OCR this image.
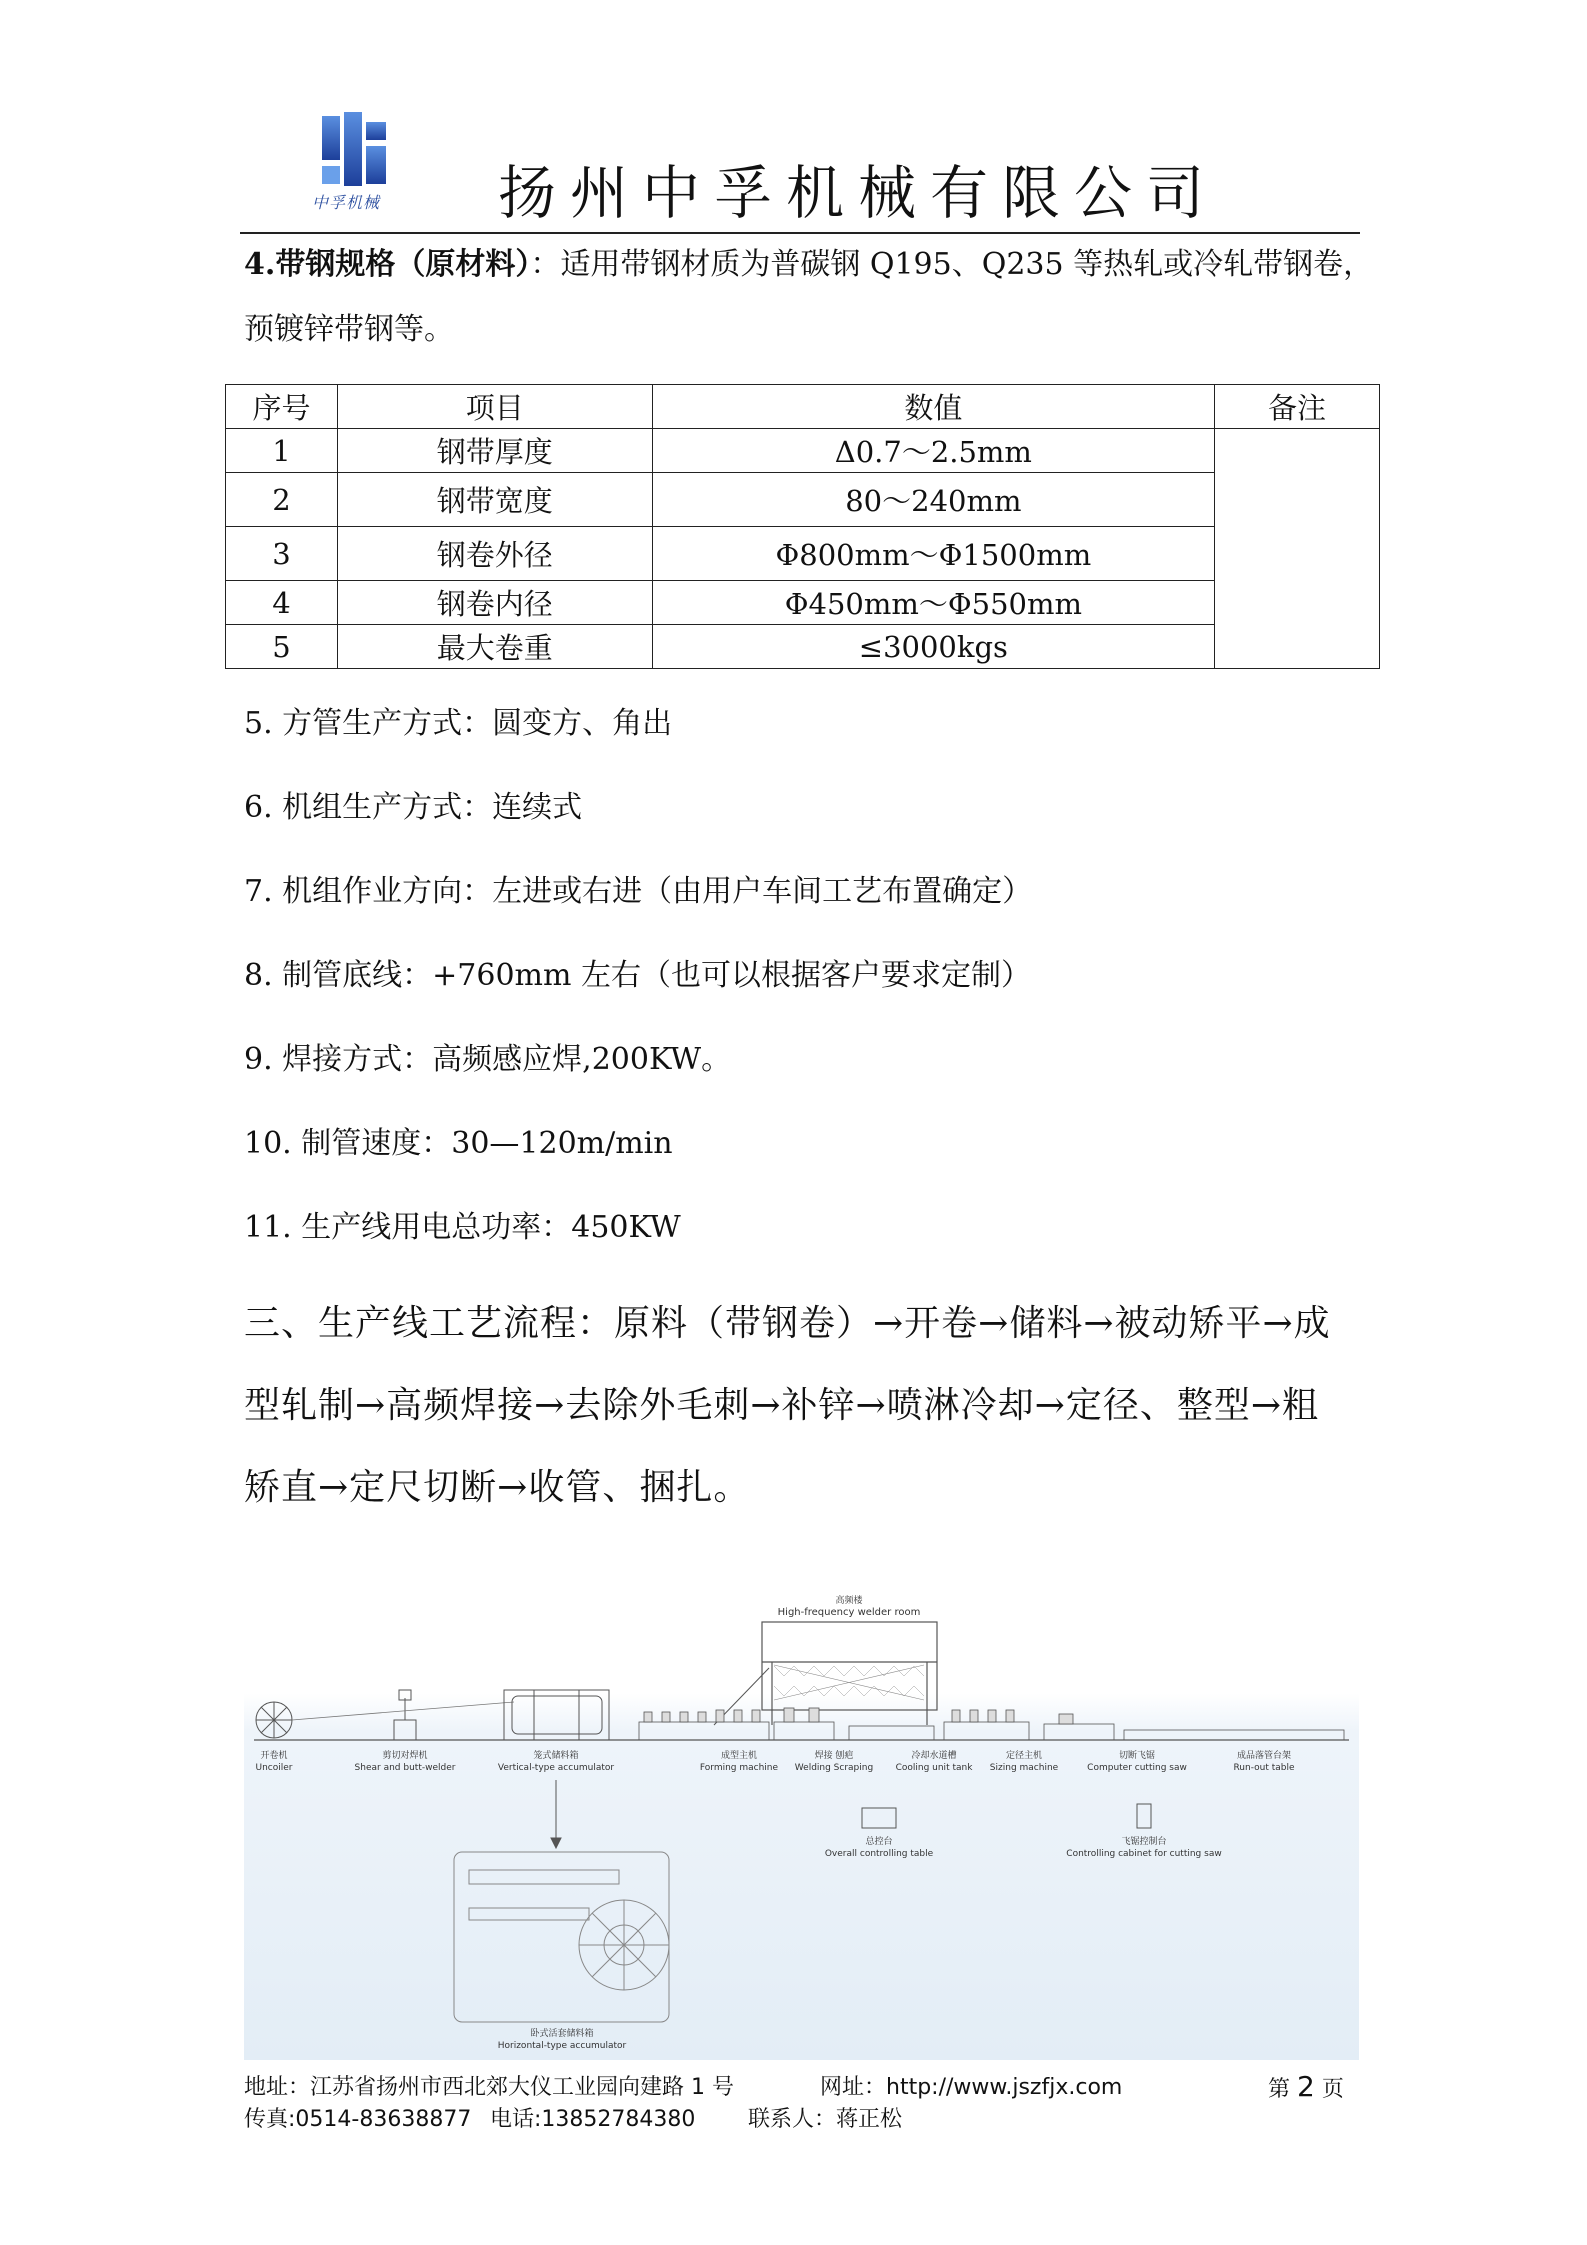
中孚机械 扬州中孚机械有限公司
4.带钢规格（原材料）：适用带钢材质为普碳钢 Q195、Q235 等热轧或冷轧带钢卷，
预镀锌带钢等。
序号	项目	数值	备注
1	钢带厚度	Δ0.7～2.5mm	
2	钢带宽度	80～240mm	
3	钢卷外径	Φ800mm～Φ1500mm	
4	钢卷内径	Φ450mm～Φ550mm	
5	最大卷重	≤3000kgs	
5. 方管生产方式：圆变方、角出
6. 机组生产方式：连续式
7. 机组作业方向：左进或右进（由用户车间工艺布置确定）
8. 制管底线：+760mm 左右（也可以根据客户要求定制）
9. 焊接方式：高频感应焊,200KW。
10. 制管速度：30—120m/min
11. 生产线用电总功率：450KW
三、生产线工艺流程：原料（带钢卷）→开卷→储料→被动矫平→成
型轧制→高频焊接→去除外毛刺→补锌→喷淋冷却→定径、整型→粗
矫直→定尺切断→收管、捆扎。
高频楼
High-frequency welder room
开卷机
Uncoiler
剪切对焊机
Shear and butt-welder
笼式储料箱
Vertical-type accumulator
成型主机
Forming machine
焊接 刨疤
Welding Scraping
冷却水道槽
Cooling unit tank
定径主机
Sizing machine
切断飞锯
Computer cutting saw
成品落管台架
Run-out table
总控台
Overall controlling table
飞锯控制台
Controlling cabinet for cutting saw
卧式活套储料箱
Horizontal-type accumulator
地址：江苏省扬州市西北郊大仪工业园向建路 1 号	网址：http://www.jszfjx.com	第 2 页
传真:0514-83638877 电话:13852784380 联系人：蒋正松
